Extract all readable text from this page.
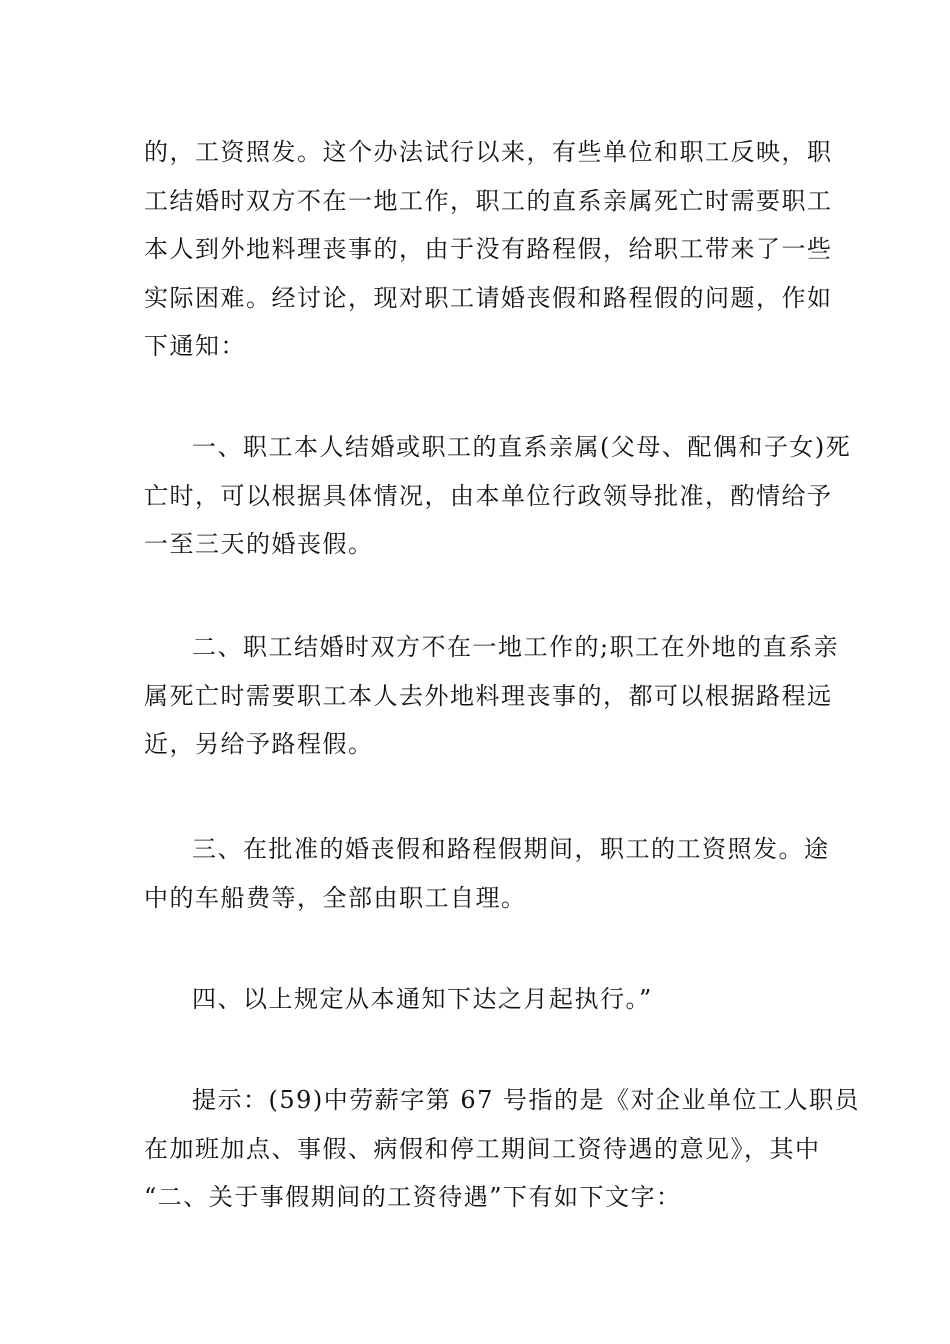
的，工资照发。这个办法试行以来，有些单位和职工反映，职
工结婚时双方不在一地工作，职工的直系亲属死亡时需要职工
本人到外地料理丧事的，由于没有路程假，给职工带来了一些
实际困难。经讨论，现对职工请婚丧假和路程假的问题，作如
下通知：
一、职工本人结婚或职工的直系亲属(父母、配偶和子女)死
亡时，可以根据具体情况，由本单位行政领导批准，酌情给予
一至三天的婚丧假。
二、职工结婚时双方不在一地工作的;职工在外地的直系亲
属死亡时需要职工本人去外地料理丧事的，都可以根据路程远
近，另给予路程假。
三、在批准的婚丧假和路程假期间，职工的工资照发。途
中的车船费等，全部由职工自理。
四、以上规定从本通知下达之月起执行。”
提示：(59)中劳薪字第 67 号指的是《对企业单位工人职员
在加班加点、事假、病假和停工期间工资待遇的意见》，其中
“二、关于事假期间的工资待遇”下有如下文字：
